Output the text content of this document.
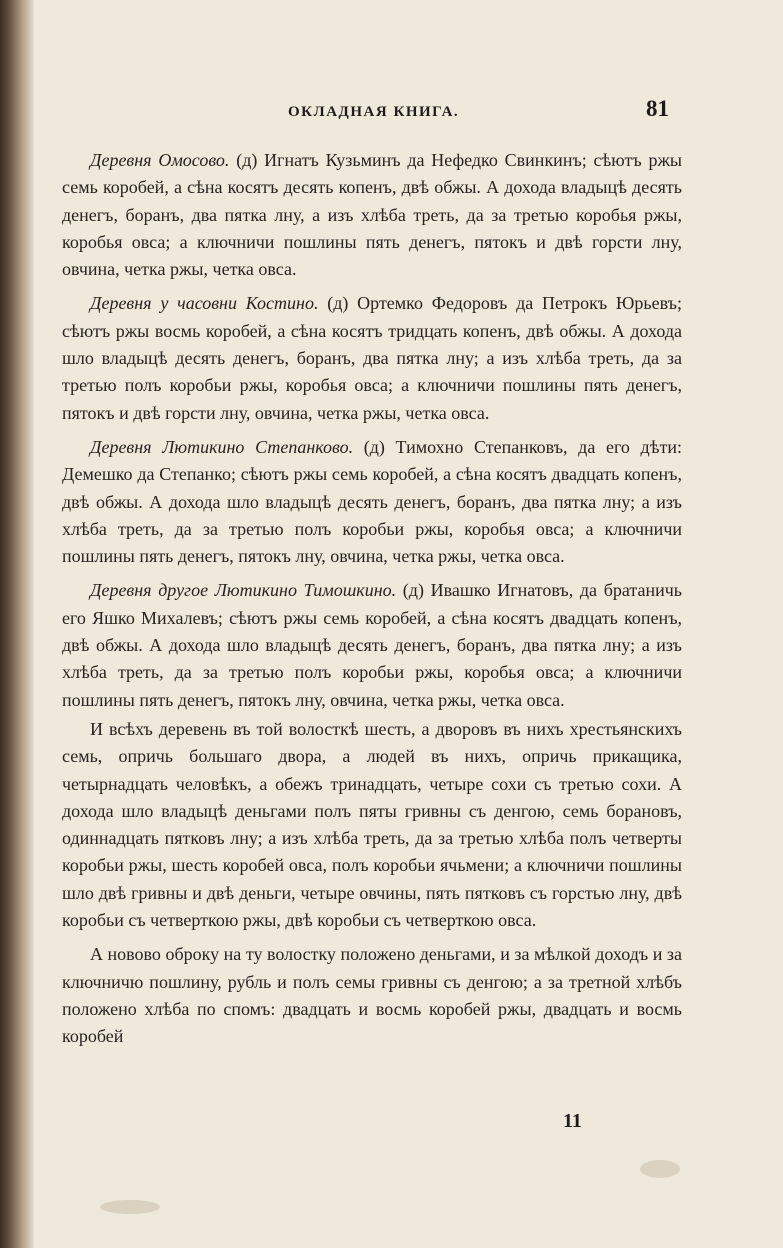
ОКЛАДНАЯ КНИГА.	81

Деревня Омосово. (д) Игнатъ Кузьминъ да Нефедко Свинкинъ; сѣютъ ржы семь коробей, а сѣна косятъ десять копенъ, двѣ обжы. А дохода владыцѣ десять денегъ, боранъ, два пятка лну, а изъ хлѣба треть, да за третью коробья ржы, коробья овса; а ключничи пошлины пять денегъ, пятокъ и двѣ горсти лну, овчина, четка ржы, четка овса.

Деревня у часовни Костино. (д) Ортемко Федоровъ да Петрокъ Юрьевъ; сѣютъ ржы восмь коробей, а сѣна косятъ тридцать копенъ, двѣ обжы. А дохода шло владыцѣ десять денегъ, боранъ, два пятка лну; а изъ хлѣба треть, да за третью полъ коробьи ржы, коробья овса; а ключничи пошлины пять денегъ, пятокъ и двѣ горсти лну, овчина, четка ржы, четка овса.

Деревня Лютикино Степанково. (д) Тимохно Степанковъ, да его дѣти: Демешко да Степанко; сѣютъ ржы семь коробей, а сѣна косятъ двадцать копенъ, двѣ обжы. А дохода шло владыцѣ десять денегъ, боранъ, два пятка лну; а изъ хлѣба треть, да за третью полъ коробьи ржы, коробья овса; а ключничи пошлины пять денегъ, пятокъ лну, овчина, четка ржы, четка овса.

Деревня другое Лютикино Тимошкино. (д) Ивашко Игнатовъ, да братаничь его Яшко Михалевъ; сѣютъ ржы семь коробей, а сѣна косятъ двадцать копенъ, двѣ обжы. А дохода шло владыцѣ десять денегъ, боранъ, два пятка лну; а изъ хлѣба треть, да за третью полъ коробьи ржы, коробья овса; а ключничи пошлины пять денегъ, пятокъ лну, овчина, четка ржы, четка овса.

И всѣхъ деревень въ той волосткѣ шесть, а дворовъ въ нихъ хрестьянскихъ семь, опричь большаго двора, а людей въ нихъ, опричь прикащика, четырнадцать человѣкъ, а обежъ тринадцать, четыре сохи съ третью сохи. А дохода шло владыцѣ деньгами полъ пяты гривны съ денгою, семь борановъ, одиннадцать пятковъ лну; а изъ хлѣба треть, да за третью хлѣба полъ четверты коробьи ржы, шесть коробей овса, полъ коробьи ячьмени; а ключничи пошлины шло двѣ гривны и двѣ деньги, четыре овчины, пять пятковъ съ горстью лну, двѣ коробьи съ четверткою ржы, двѣ коробьи съ четверткою овса.

А новово оброку на ту волостку положено деньгами, и за мѣлкой доходъ и за ключничю пошлину, рубль и полъ семы гривны съ денгою; а за третной хлѣбъ положено хлѣба по спомъ: двадцать и восмь коробей ржы, двадцать и восмь коробей

11
